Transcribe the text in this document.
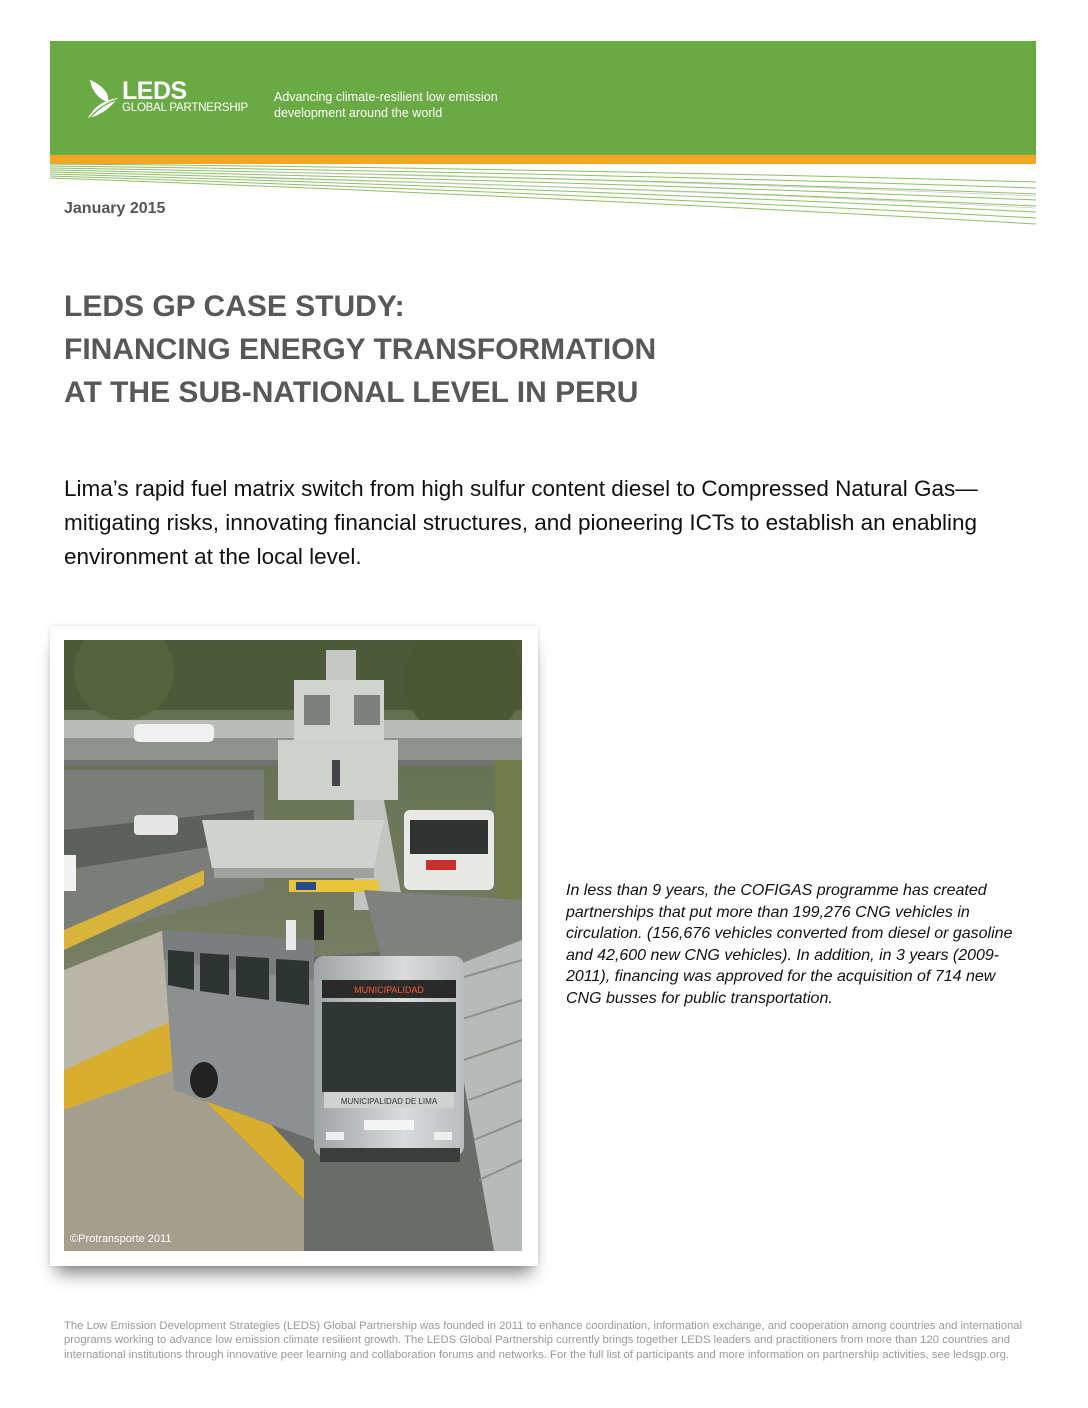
LEDS
GLOBAL PARTNERSHIP
Advancing climate-resilient low emission development around the world
January 2015
LEDS GP CASE STUDY:
FINANCING ENERGY TRANSFORMATION
AT THE SUB-NATIONAL LEVEL IN PERU

Lima’s rapid fuel matrix switch from high sulfur content diesel to Compressed Natural Gas— mitigating risks, innovating financial structures, and pioneering ICTs to establish an enabling environment at the local level.

MUNICIPALIDAD
MUNICIPALIDAD DE LIMA
©Protransporte 2011

In less than 9 years, the COFIGAS programme has created partnerships that put more than 199,276 CNG vehicles in circulation. (156,676 vehicles converted from diesel or gasoline and 42,600 new CNG vehicles). In addition, in 3 years (2009-2011), financing was approved for the acquisition of 714 new CNG busses for public transportation.

The Low Emission Development Strategies (LEDS) Global Partnership was founded in 2011 to enhance coordination, information exchange, and cooperation among countries and international programs working to advance low emission climate resilient growth. The LEDS Global Partnership currently brings together LEDS leaders and practitioners from more than 120 countries and international institutions through innovative peer learning and collaboration forums and networks. For the full list of participants and more information on partnership activities, see ledsgp.org.
